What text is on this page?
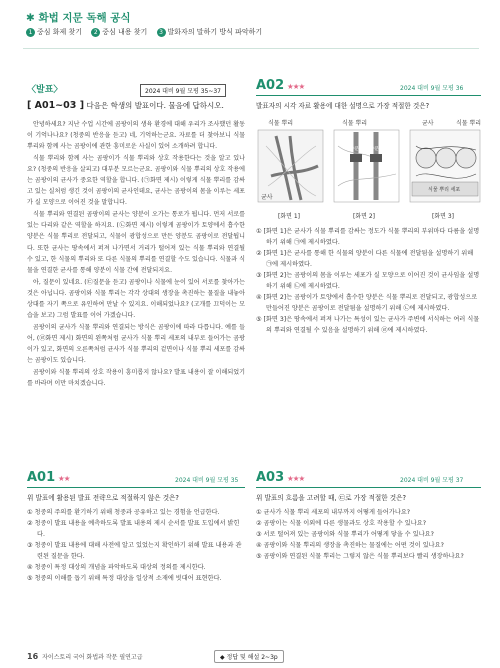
✱ 화법 지문 독해 공식
1 중심 화제 찾기 2 중심 내용 찾기 3 발화자의 말하기 방식 파악하기
〈발표〉	2024 대비 9월 모평 35~37
[ A01~03 ] 다음은 학생의 발표이다. 물음에 답하시오.

안녕하세요? 지난 수업 시간에 곰팡이의 생육 환경에 대해 우리가 조사했던 활동이 기억나나요? (청중의 반응을 듣고) 네, 기억하는군요. 자료를 더 찾아보니 식물 뿌리와 함께 사는 곰팡이에 관한 흥미로운 사실이 있어 소개하려 합니다.

식물 뿌리와 함께 사는 곰팡이가 식물 뿌리와 상호 작용한다는 것을 알고 있나요? (청중의 반응을 살피고) 대부분 모르는군요. 곰팡이와 식물 뿌리의 상호 작용에는 곰팡이의 균사가 중요한 역할을 합니다. (㉠화면 제시) 이렇게 식물 뿌리를 감싸고 있는 실처럼 생긴 것이 곰팡이의 균사인데요, 균사는 곰팡이의 몸을 이루는 세포가 실 모양으로 이어진 것을 말합니다.

식물 뿌리와 연결된 곰팡이의 균사는 양분이 오가는 통로가 됩니다. 먼저 서로를 있는 다리와 같은 역할을 하지요. (㉡화면 제시) 이렇게 곰팡이가 토양에서 흡수한 양분은 식물 뿌리로 전달되고, 식물이 광합성으로 만든 양분도 곰팡이로 전달됩니다. 또한 균사는 땅속에서 퍼져 나가면서 거리가 떨어져 있는 식물 뿌리와 연결될 수 있고, 한 식물의 뿌리와 또 다른 식물의 뿌리를 연결할 수도 있습니다. 식물과 식물을 연결한 균사를 통해 양분이 식물 간에 전달되지요.

아, 질문이 있네요. (㉢질문을 듣고) 곰팡이나 식물에 눈이 있어 서로를 찾아가는 것은 아닙니다. 곰팡이와 식물 뿌리는 각각 상대의 생장을 촉진하는 물질을 내놓아 상대를 자기 쪽으로 유인하여 만날 수 있지요. 이해되었나요? (고개를 끄덕이는 모습을 보고) 그럼 발표를 이어 가겠습니다.

곰팡이의 균사가 식물 뿌리와 연결되는 방식은 곰팡이에 따라 다릅니다. 예를 들어, (㉣화면 제시) 화면의 왼쪽처럼 균사가 식물 뿌리 세포의 내부로 들어가는 곰팡이가 있고, 화면의 오른쪽처럼 균사가 식물 뿌리의 겉면이나 식물 뿌리 세포를 감싸는 곰팡이도 있습니다.

곰팡이와 식물 뿌리의 상호 작용이 흥미롭지 않나요? 발표 내용이 잘 이해되었기를 바라며 이만 마치겠습니다.

A01 ★★	2024 대비 9월 모평 35
위 발표에 활용된 발표 전략으로 적절하지 않은 것은?
① 청중의 주의를 환기하기 위해 청중과 공유하고 있는 경험을 언급한다.
② 청중이 발표 내용을 예측하도록 발표 내용의 제시 순서를 발표 도입에서 밝힌다.
③ 청중이 발표 내용에 대해 사전에 알고 있었는지 확인하기 위해 발표 내용과 관련된 질문을 한다.
④ 청중이 특정 대상의 개념을 파악하도록 대상의 정의를 제시한다.
⑤ 청중의 이해를 돕기 위해 특정 대상을 일상적 소재에 빗대어 표현한다.
A02 ★★★	2024 대비 9월 모평 36
발표자의 시각 자료 활용에 대한 설명으로 가장 적절한 것은?
식물 뿌리	식물 뿌리	균사
균사
양분	양분
식물 뿌리
식물 뿌리 세포
[화면 1]	[화면 2]	[화면 3]
① [화면 1]은 균사가 식물 뿌리를 감싸는 정도가 식물 뿌리의 부위마다 다름을 설명하기 위해 ㉠에 제시하였다.
② [화면 1]은 균사를 통해 한 식물의 양분이 다른 식물에 전달됨을 설명하기 위해 ㉠에 제시하였다.
③ [화면 2]는 곰팡이의 몸을 이루는 세포가 실 모양으로 이어진 것이 균사임을 설명하기 위해 ㉡에 제시하였다.
④ [화면 2]는 곰팡이가 토양에서 흡수한 양분은 식물 뿌리로 전달되고, 광합성으로 만들어진 양분은 곰팡이로 전달됨을 설명하기 위해 ㉡에 제시하였다.
⑤ [화면 3]은 땅속에서 퍼져 나가는 특성이 있는 균사가 주변에 서식하는 여러 식물의 뿌리와 연결될 수 있음을 설명하기 위해 ㉣에 제시하였다.
A03 ★★★	2024 대비 9월 모평 37
위 발표의 흐름을 고려할 때, ㉢로 가장 적절한 것은?
① 균사가 식물 뿌리 세포의 내부까지 어떻게 들어가나요?
② 곰팡이는 식물 이외에 다른 생물과도 상호 작용할 수 있나요?
③ 서로 떨어져 있는 곰팡이와 식물 뿌리가 어떻게 닿을 수 있나요?
④ 곰팡이와 식물 뿌리의 생장을 촉진하는 물질에는 어떤 것이 있나요?
⑤ 곰팡이와 연결된 식물 뿌리는 그렇지 않은 식물 뿌리보다 빨리 생장하나요?
16 자이스토리 국어 화법과 작문 필연고급	◆ 정답 및 해설 2~3p
